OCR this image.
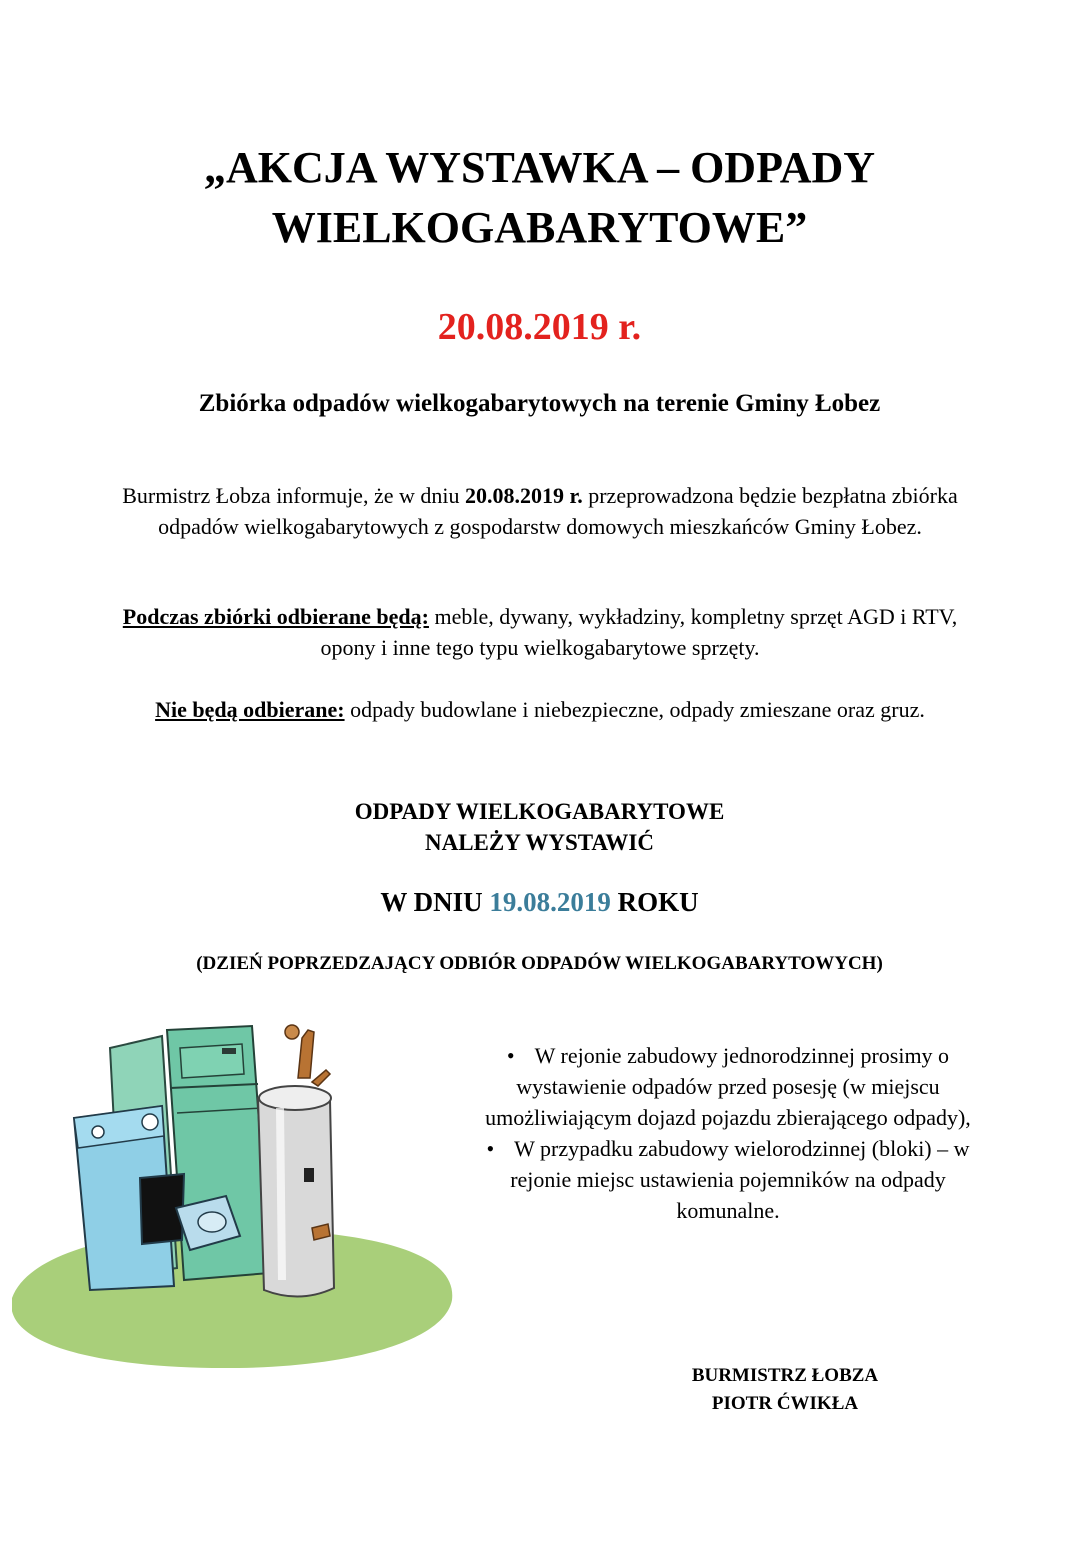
„AKCJA WYSTAWKA – ODPADY
WIELKOGABARYTOWE”
20.08.2019 r.
Zbiórka odpadów wielkogabarytowych na terenie Gminy Łobez
Burmistrz Łobza informuje, że w dniu 20.08.2019 r. przeprowadzona będzie bezpłatna zbiórka odpadów wielkogabarytowych z gospodarstw domowych mieszkańców Gminy Łobez.
Podczas zbiórki odbierane będą: meble, dywany, wykładziny, kompletny sprzęt AGD i RTV, opony i inne tego typu wielkogabarytowe sprzęty.
Nie będą odbierane: odpady budowlane i niebezpieczne, odpady zmieszane oraz gruz.
ODPADY WIELKOGABARYTOWE
NALEŻY WYSTAWIĆ
W DNIU 19.08.2019 ROKU
(DZIEŃ POPRZEDZAJĄCY ODBIÓR ODPADÓW WIELKOGABARYTOWYCH)
• W rejonie zabudowy jednorodzinnej prosimy o wystawienie odpadów przed posesję (w miejscu umożliwiającym dojazd pojazdu zbierającego odpady),
• W przypadku zabudowy wielorodzinnej (bloki) – w rejonie miejsc ustawienia pojemników na odpady komunalne.
BURMISTRZ ŁOBZA
PIOTR ĆWIKŁA
